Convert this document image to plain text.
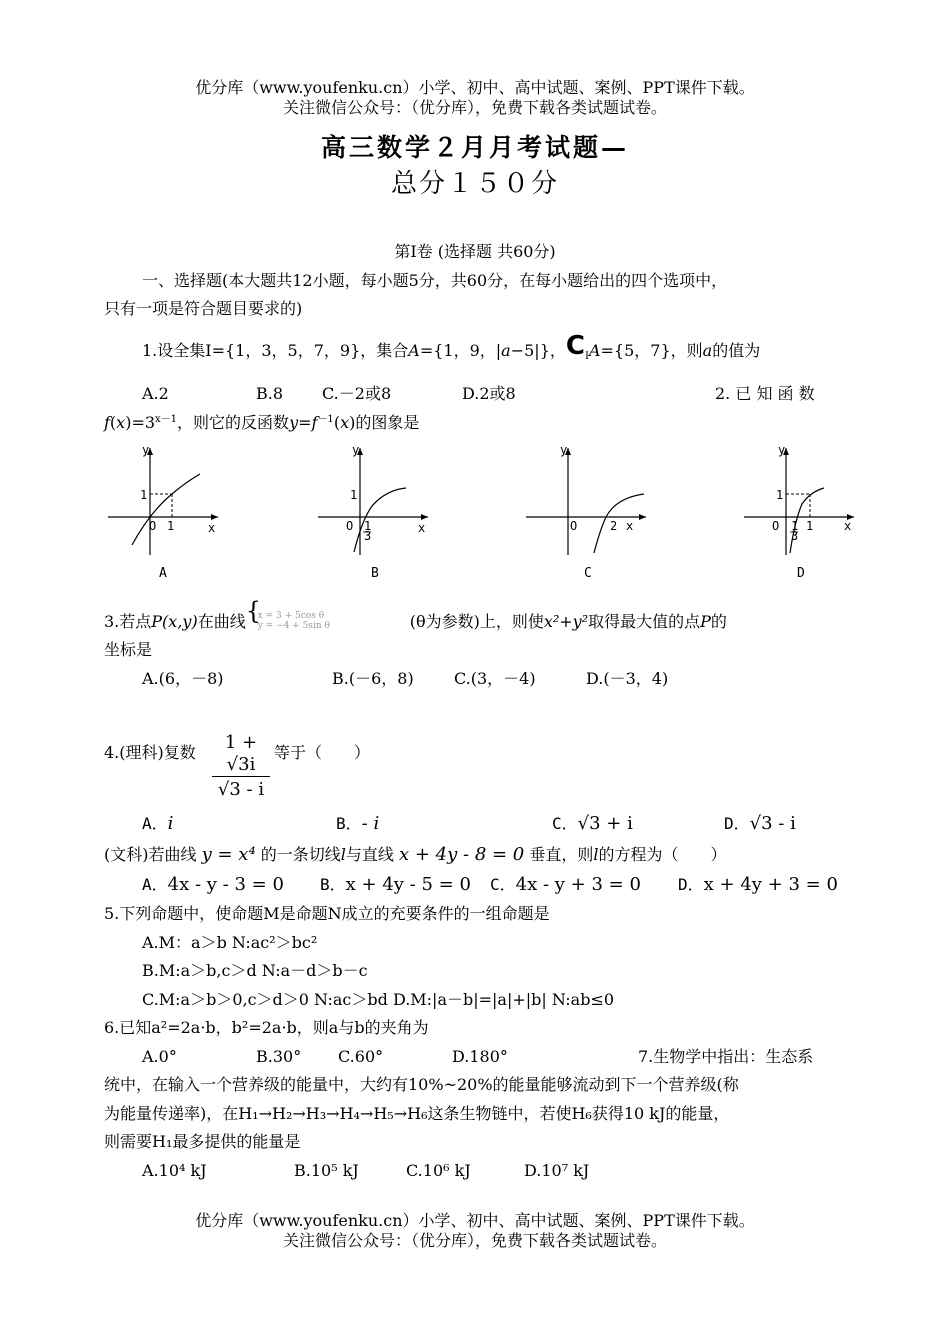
优分库（www.youfenku.cn）小学、初中、高中试题、案例、PPT课件下载。
关注微信公众号：（优分库），免费下载各类试题试卷。
高三数学２月月考试题—
总分１５０分
第Ⅰ卷 (选择题 共60分)
一、选择题(本大题共12小题，每小题5分，共60分，在每小题给出的四个选项中，
只有一项是符合题目要求的)
1.设全集I={1，3，5，7，9}，集合A={1，9，|a−5|}，$C_IA=\{5$，7}，则a的值为
A.2	B.8 C.－2或8	D.2或8	2. 已 知 函 数
$f(x)=3^{x-1}$，则它的反函数$y=f^{-1}(x)$的图象是
y
x
O
1
1
A
y
x
O
1
1
3
B
y
x
O	2
C
y
x
O
1
1
3
1
D
3.若点P(x,y)在曲线 {
x = 3 + 5cos θ
y = −4 + 5sin θ	(θ为参数)上，则使x²+y²取得最大值的点P的
坐标是
A.(6，－8)	B.(－6，8)	C.(3，－4)	D.(－3，4)
4.(理科)复数	1 + √3i
√3 - i
等于（　　）
A．i	B．- i	C．√3 + i	D．√3 - i
(文科)若曲线 y = x⁴ 的一条切线l与直线 x + 4y - 8 = 0 垂直，则l的方程为（　　）
A．4x - y - 3 = 0 B．x + 4y - 5 = 0 C．4x - y + 3 = 0 D．x + 4y + 3 = 0
5.下列命题中，使命题M是命题N成立的充要条件的一组命题是
A.M：a＞b N:ac²＞bc²
B.M:a＞b,c＞d N:a－d＞b－c
C.M:a＞b＞0,c＞d＞0 N:ac＞bd D.M:|a－b|=|a|+|b| N:ab≤0
6.已知a²=2a·b，b²=2a·b，则a与b的夹角为
A.0°	B.30° C.60°	D.180°	7.生物学中指出：生态系
统中，在输入一个营养级的能量中，大约有10%~20%的能量能够流动到下一个营养级(称
为能量传递率)，在H₁→H₂→H₃→H₄→H₅→H₆这条生物链中，若使H₆获得10 kJ的能量，
则需要H₁最多提供的能量是
A.10⁴ kJ	B.10⁵ kJ	C.10⁶ kJ	D.10⁷ kJ
优分库（www.youfenku.cn）小学、初中、高中试题、案例、PPT课件下载。
关注微信公众号：（优分库），免费下载各类试题试卷。
